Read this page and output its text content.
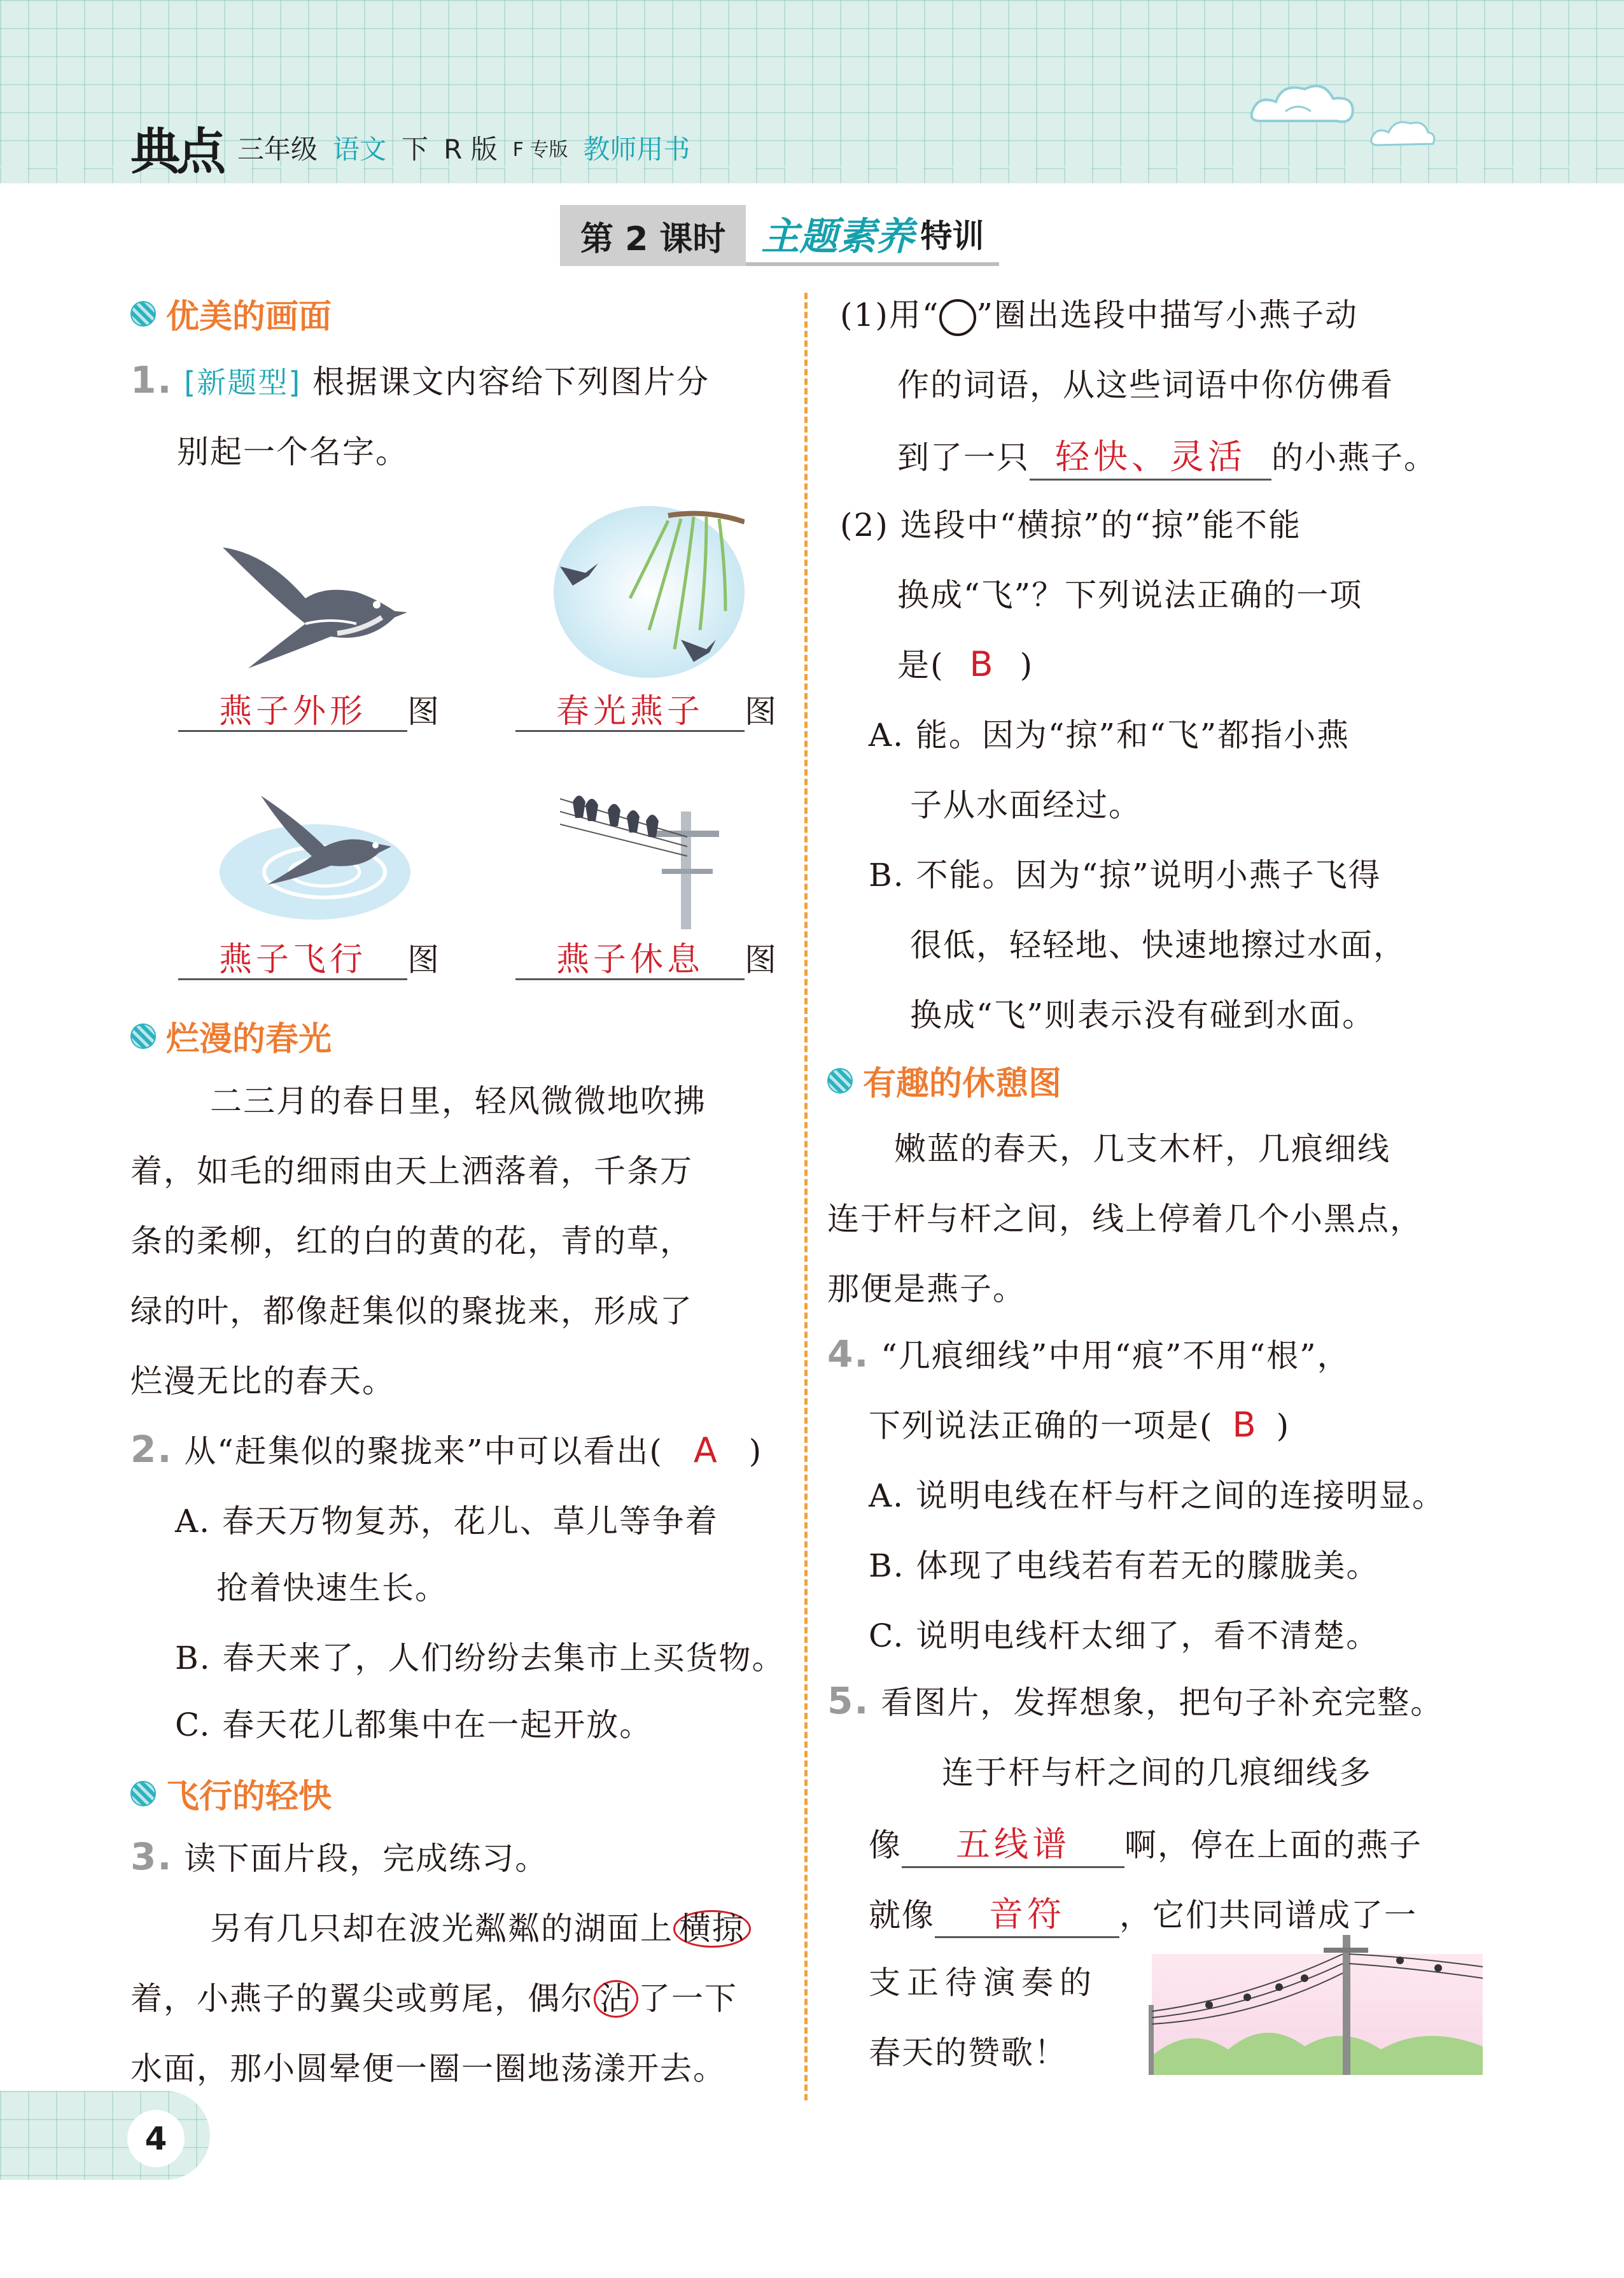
典点 三年级 语文 下 R 版 F 专版 教师用书
第 2 课时 主题素养 特训
优美的画面
1. [新题型] 根据课文内容给下列图片分
别起一个名字。
燕子外形	图	春光燕子	图
燕子飞行	图	燕子休息	图
烂漫的春光
二三月的春日里，轻风微微地吹拂
着，如毛的细雨由天上洒落着，千条万
条的柔柳，红的白的黄的花，青的草，
绿的叶，都像赶集似的聚拢来，形成了
烂漫无比的春天。
2. 从“赶集似的聚拢来”中可以看出( A )
A. 春天万物复苏，花儿、草儿等争着
抢着快速生长。
B. 春天来了，人们纷纷去集市上买货物。
C. 春天花儿都集中在一起开放。
飞行的轻快
3. 读下面片段，完成练习。
另有几只却在波光粼粼的湖面上 横掠
着，小燕子的翼尖或剪尾，偶尔 沾 了一下
水面，那小圆晕便一圈一圈地荡漾开去。
(1)用“ ”圈出选段中描写小燕子动
作的词语，从这些词语中你仿佛看
到了一只 轻快、灵活 的小燕子。
(2) 选段中“横掠”的“掠”能不能
换成“飞”？下列说法正确的一项
是( B )
A. 能。因为“掠”和“飞”都指小燕
子从水面经过。
B. 不能。因为“掠”说明小燕子飞得
很低，轻轻地、快速地擦过水面，
换成“飞”则表示没有碰到水面。
有趣的休憩图
嫩蓝的春天，几支木杆，几痕细线
连于杆与杆之间，线上停着几个小黑点，
那便是燕子。
4. “几痕细线”中用“痕”不用“根”，
下列说法正确的一项是( B )
A. 说明电线在杆与杆之间的连接明显。
B. 体现了电线若有若无的朦胧美。
C. 说明电线杆太细了，看不清楚。
5. 看图片，发挥想象，把句子补充完整。
连于杆与杆之间的几痕细线多
像 五线谱 啊，停在上面的燕子
就像 音符 ，它们共同谱成了一
支正待演奏的
春天的赞歌！
4
